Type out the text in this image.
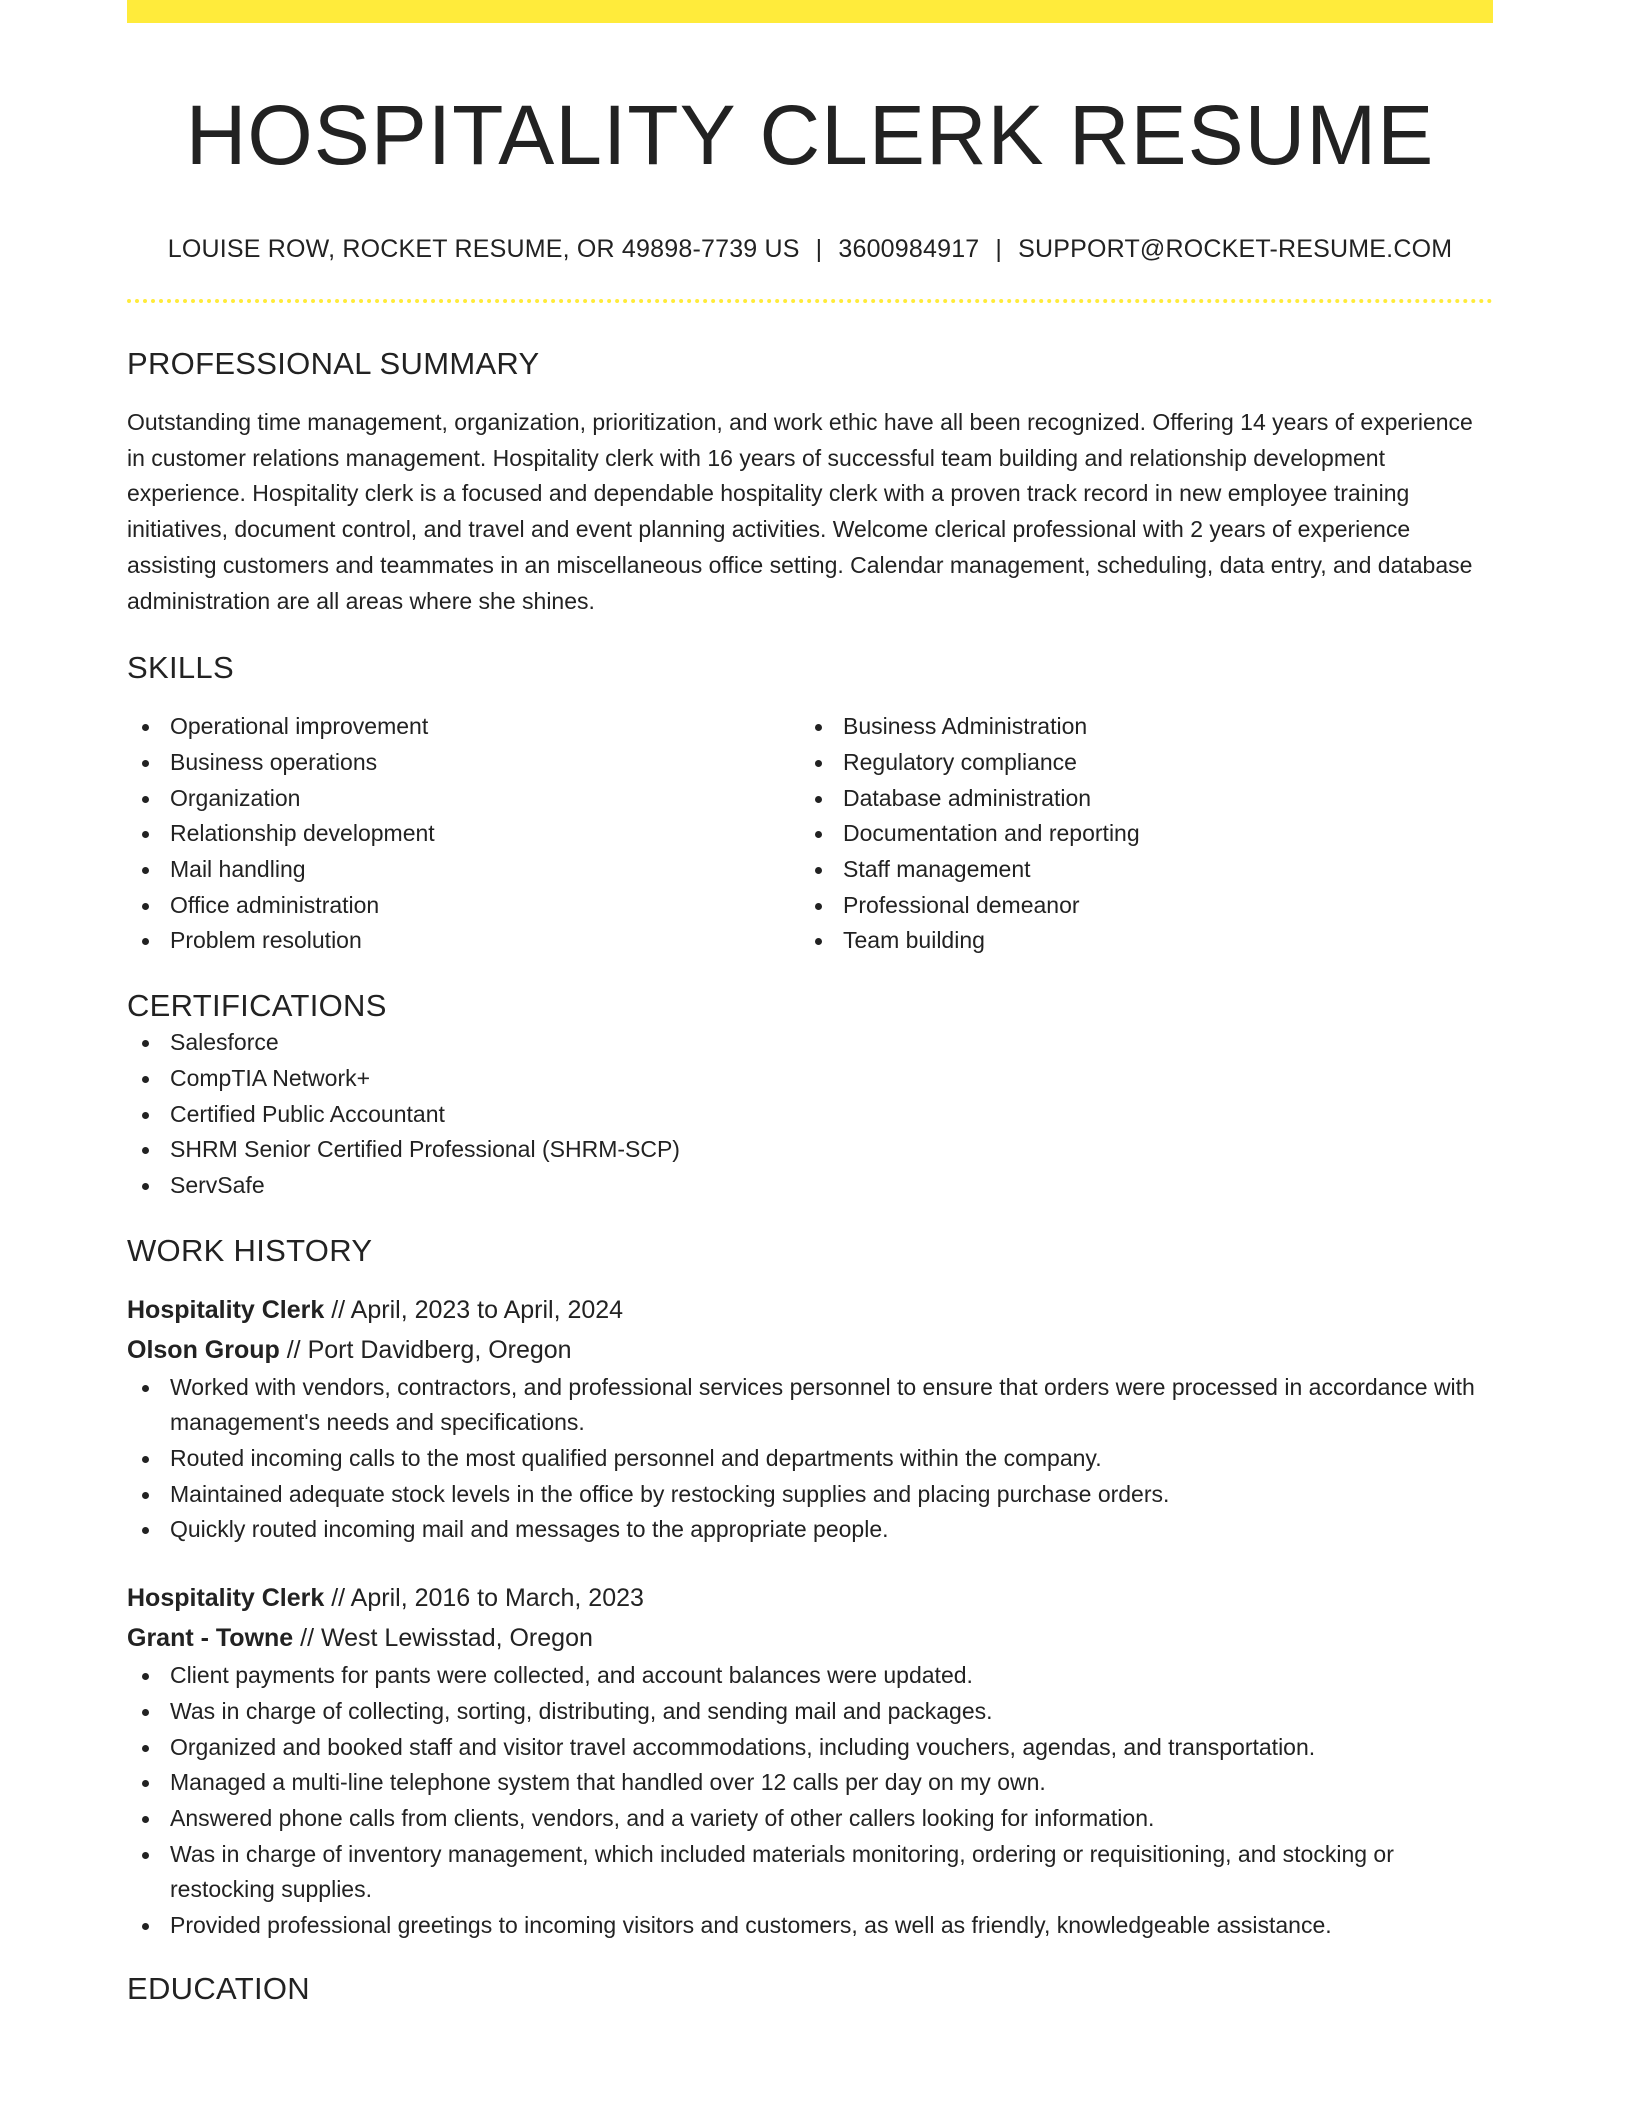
HOSPITALITY CLERK RESUME
LOUISE ROW, ROCKET RESUME, OR 49898-7739 US | 3600984917 | SUPPORT@ROCKET-RESUME.COM
PROFESSIONAL SUMMARY
Outstanding time management, organization, prioritization, and work ethic have all been recognized. Offering 14 years of experience in customer relations management. Hospitality clerk with 16 years of successful team building and relationship development experience. Hospitality clerk is a focused and dependable hospitality clerk with a proven track record in new employee training initiatives, document control, and travel and event planning activities. Welcome clerical professional with 2 years of experience assisting customers and teammates in an miscellaneous office setting. Calendar management, scheduling, data entry, and database administration are all areas where she shines.
SKILLS
Operational improvement
Business operations
Organization
Relationship development
Mail handling
Office administration
Problem resolution
Business Administration
Regulatory compliance
Database administration
Documentation and reporting
Staff management
Professional demeanor
Team building
CERTIFICATIONS
Salesforce
CompTIA Network+
Certified Public Accountant
SHRM Senior Certified Professional (SHRM-SCP)
ServSafe
WORK HISTORY
Hospitality Clerk // April, 2023 to April, 2024
Olson Group // Port Davidberg, Oregon
Worked with vendors, contractors, and professional services personnel to ensure that orders were processed in accordance with management's needs and specifications.
Routed incoming calls to the most qualified personnel and departments within the company.
Maintained adequate stock levels in the office by restocking supplies and placing purchase orders.
Quickly routed incoming mail and messages to the appropriate people.
Hospitality Clerk // April, 2016 to March, 2023
Grant - Towne // West Lewisstad, Oregon
Client payments for pants were collected, and account balances were updated.
Was in charge of collecting, sorting, distributing, and sending mail and packages.
Organized and booked staff and visitor travel accommodations, including vouchers, agendas, and transportation.
Managed a multi-line telephone system that handled over 12 calls per day on my own.
Answered phone calls from clients, vendors, and a variety of other callers looking for information.
Was in charge of inventory management, which included materials monitoring, ordering or requisitioning, and stocking or restocking supplies.
Provided professional greetings to incoming visitors and customers, as well as friendly, knowledgeable assistance.
EDUCATION
